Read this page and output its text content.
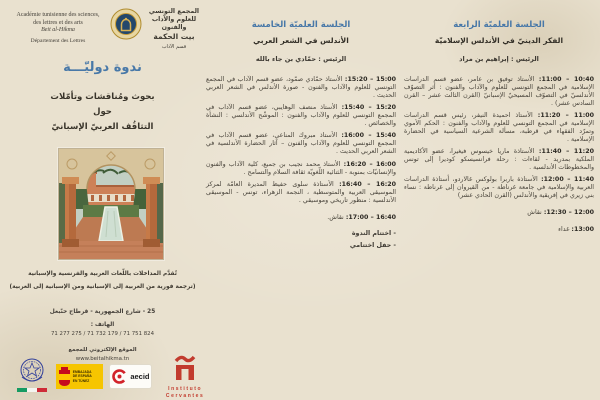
Académie tunisienne des sciences,
des lettres et des arts
Beit al-Hikma
Département des Lettres
المجمع التونسي للعلوم والآداب والفنون
بيت الحكمة
قسم الآداب
ندوة دوليّـــة
بحوث ومُناقشات وتأمّلات
حول
التثاقُف العربيّ الإسبانيّ
تُقدَّم المداخلات باللّغات العربية والفرنسية والإسبانية
(ترجمة فورية من العربية إلى الإسبانية ومن الإسبانية إلى العربية)
25 - شارع الجمهورية - قرطاج حنّبعل
الهاتف :
71 277 275 / 71 732 179 / 71 751 824
الموقع الإلكتروني للمجمع
www.beitalhikma.tn
EMBAJADA
DE ESPAÑA
EN TÚNEZ	aecid
Instituto
Cervantes
الجلسة العلميّة الخامسة
الأندلس في الشعر العربي
الرئيس : حمّادي بن جاء بالله

15:00 – 15:20: الأستاذ حمّادي صمّود، عضو قسم الآداب في المجمع التونسي للعلوم والآداب والفنون - صورة الأندلس في الشعر العربي الحديث .

15:20 – 15:40: الأستاذ منصف الوهايبي، عضو قسم الآداب في المجمع التونسي للعلوم والآداب والفنون : الموشّح الأندلسي : النشأة والخصائص .

15:40 – 16:00: الأستاذ مبروك المناعي، عضو قسم الآداب في المجمع التونسي للعلوم والآداب والفنون – آثار الحضارة الأندلسية في الشعر العربي الحديث .

16:00 – 16:20: الأستاذ محمد نجيب بن جميع، كلية الآداب والفنون والإنسانيّات بمنوبة - الثنائية اللّغويّة ثقافة السلام والتسامح .

16:20 – 16:40: الأستاذة سلوى حفيظ المديرة العامّة لمركز الموسيقى العربية والمتوسطية ، النجمة الزهراء، تونس - الموسيقى الأندلسية : منظور تاريخي وموسيقي .

16:40 – 17:00: نقاش.

- اختتام الندوة
- حفل اختتامي
الجلسة العلميّة الرابعة
الفكر الدينيّ في الأندلس الإسلاميّة
الرئيس : إبراهيم بن مراد

10:40 – 11:00: الأستاذ توفيق بن عامر، عضو قسم الدراسات الإسلامية في المجمع التونسي للعلوم والآداب والفنون : أثر التصوّف الأندلسيّ في التصوّف المسيحيّ الإسبانيّ (القرن الثالث عشر – القرن السادس عشر) .

11:00 – 11:20: الأستاذ احميدة النيفر، رئيس قسم الدراسات الإسلامية في المجمع التونسي للعلوم والآداب والفنون : الحكم الأموي وتمرّد الفقهاء في قرطبة، مسألة الشرعية السياسية في الحضارة الإسلامية .

11:20 – 11:40: الأستاذة ماريا خيسوس فيغيرا، عضو الأكاديمية الملكية بمدريد - لقاءات : رحلة فرانسيسكو كوديرا إلى تونس والمخطوطات الأندلسية .

11:40 – 12:00: الأستاذة باربرا بولوكس غالاردو، أستاذة الدراسات العربية والإسلامية في جامعة غرناطة - من القيروان إلى غرناطة : نساء بني زيري في إفريقية والأندلس (القرن الحادي عشر)

12:00 – 12:30: نقاش

13:00: غداء
